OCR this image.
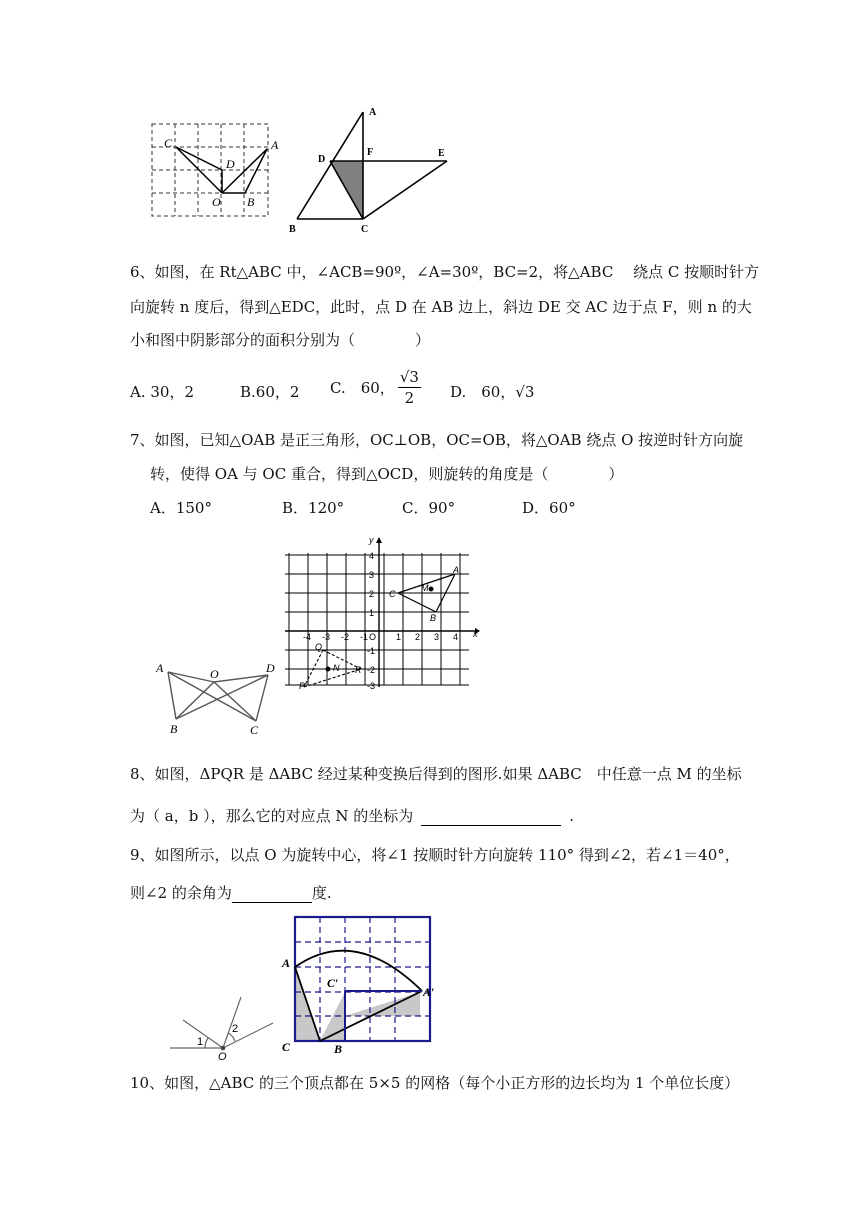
C	A
D
O B
A
D
F	E
B	C
6、如图，在 Rt△ABC 中，∠ACB=90º，∠A=30º，BC=2，将△ABC　 绕点 C 按顺时针方
向旋转 n 度后，得到△EDC，此时，点 D 在 AB 边上，斜边 DE 交 AC 边于点 F，则 n 的大
小和图中阴影部分的面积分别为（　　　　）
A. 30，2	B.60，2 C.　60， $\frac{√3}{2} D$.　60，√3
7、如图，已知△OAB 是正三角形，OC⊥OB，OC=OB，将△OAB 绕点 O 按逆时针方向旋
转，使得 OA 与 OC 重合，得到△OCD，则旋转的角度是（　　　　）
A．150°	B．120°	C．90°	D．60°
A	O	D
B	C
x
y
O
-4 -3 -2 -1	1 2 3 4
4
3
2
1
-1
-2
-3
A
B
C
M
Q
P
R
N
8、如图，ΔPQR 是 ΔABC 经过某种变换后得到的图形.如果 ΔABC　中任意一点 M 的坐标
为（ a，b ），那么它的对应点 N 的坐标为	.
9、如图所示，以点 O 为旋转中心，将∠1 按顺时针方向旋转 110° 得到∠2，若∠1＝40°，
则∠2 的余角为	度.
1
2
O
A
C′
A′
C	B
10、如图，△ABC 的三个顶点都在 5×5 的网格（每个小正方形的边长均为 1 个单位长度）
